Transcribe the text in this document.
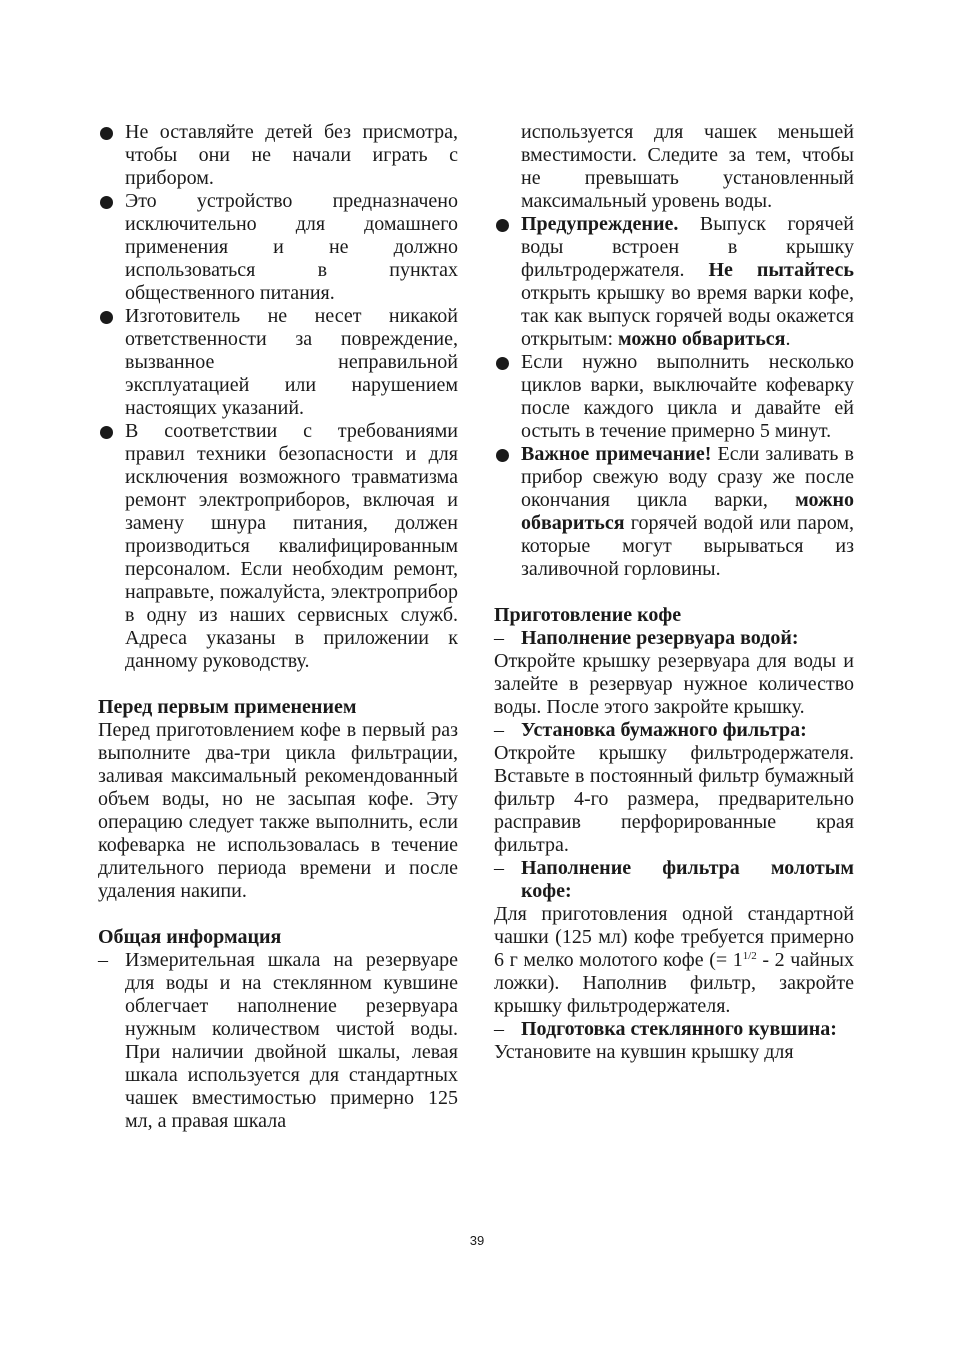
Не оставляйте детей без присмотра, чтобы они не начали играть с прибором.
Это устройство предназначено исключительно для домашнего применения и не должно использоваться в пунктах общественного питания.
Изготовитель не несет никакой ответственности за повреждение, вызванное неправильной эксплуатацией или нарушением настоящих указаний.
В соответствии с требованиями правил техники безопасности и для исключения возможного травматизма ремонт электроприборов, включая и замену шнура питания, должен производиться квалифицированным персоналом. Если необходим ремонт, направьте, пожалуйста, электроприбор в одну из наших сервисных служб. Адреса указаны в приложении к данному руководству.
Перед первым применением

Перед приготовлением кофе в первый раз выполните два-три цикла фильтрации, заливая максимальный рекомендованный объем воды, но не засыпая кофе. Эту операцию следует также выполнить, если кофеварка не использовалась в течение длительного периода времени и после удаления накипи.

Общая информация

– Измерительная шкала на резервуаре для воды и на стеклянном кувшине облегчает наполнение резервуара нужным количеством чистой воды. При наличии двойной шкалы, левая шкала используется для стандартных чашек вместимостью примерно 125 мл, а правая шкала

используется для чашек меньшей вместимости. Следите за тем, чтобы не превышать установленный максимальный уровень воды.

Предупреждение. Выпуск горячей воды встроен в крышку фильтродержателя. Не пытайтесь открыть крышку во время варки кофе, так как выпуск горячей воды окажется открытым: можно обвариться.
Если нужно выполнить несколько циклов варки, выключайте кофеварку после каждого цикла и давайте ей остыть в течение примерно 5 минут.
Важное примечание! Если заливать в прибор свежую воду сразу же после окончания цикла варки, можно обвариться горячей водой или паром, которые могут вырываться из заливочной горловины.
Приготовление кофе

– Наполнение резервуара водой:

Откройте крышку резервуара для воды и залейте в резервуар нужное количество воды. После этого закройте крышку.

– Установка бумажного фильтра:

Откройте крышку фильтродержателя. Вставьте в постоянный фильтр бумажный фильтр 4-го размера, предварительно расправив перфорированные края фильтра.

– Наполнение фильтра молотым кофе:

Для приготовления одной стандартной чашки (125 мл) кофе требуется примерно 6 г мелко молотого кофе (= $1^{1/2} - 2$ чайных ложки). Наполнив фильтр, закройте крышку фильтродержателя.

– Подготовка стеклянного кувшина:

Установите на кувшин крышку для

39
